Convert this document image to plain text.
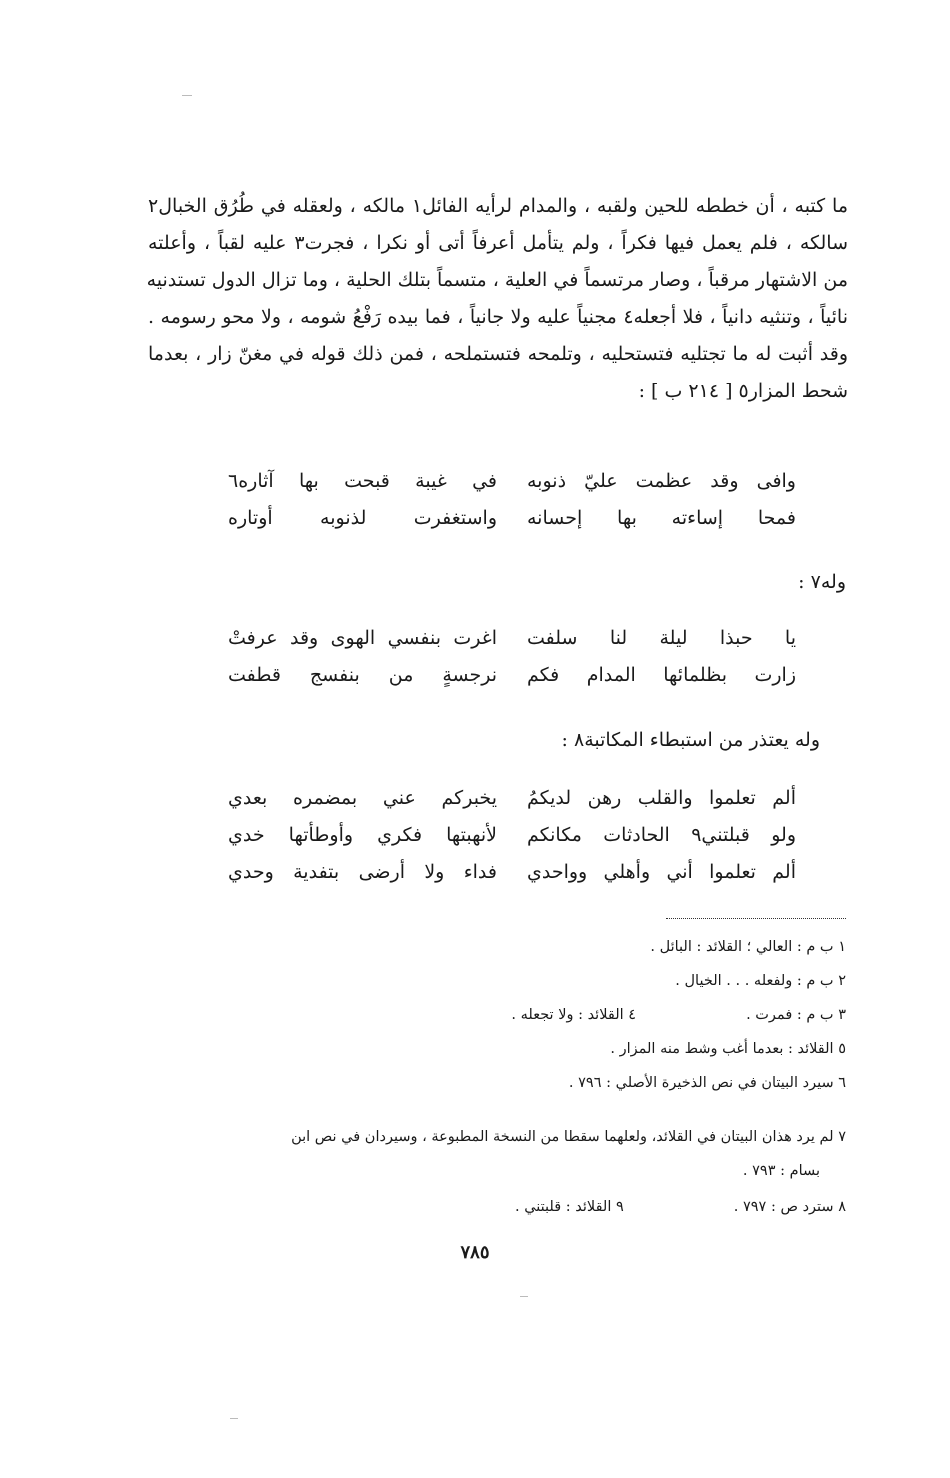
ما كتبه ، أن خططه للحين ولقبه ، والمدام لرأيه الفائل١ مالكه ، ولعقله في طُرُق الخبال٢
سالكه ، فلم يعمل فيها فكراً ، ولم يتأمل أعرفاً أتى أو نكرا ، فجرت٣ عليه لقباً ، وأعلته
من الاشتهار مرقباً ، وصار مرتسماً في العلية ، متسماً بتلك الحلية ، وما تزال الدول تستدنيه
نائياً ، وتنثيه دانياً ، فلا أجعله٤ مجنياً عليه ولا جانياً ، فما بيده رَفْعُ شومه ، ولا محو رسومه .
وقد أثبت له ما تجتليه فتستحليه ، وتلمحه فتستملحه ، فمن ذلك قوله في مغنّ زار ، بعدما
شحط المزار٥ [ ٢١٤ ب ] :
وافى وقد عظمت عليّ ذنوبه
في غيبة قبحت بها آثاره٦
فمحا إساءته بها إحسانه
واستغفرت لذنوبه أوتاره
وله٧ :
يا حبذا ليلة لنا سلفت
اغرت بنفسي الهوى وقد عرفتْ
زارت بظلمائها المدام فكم
نرجسةٍ من بنفسج قطفت
وله يعتذر من استبطاء المكاتبة٨ :
ألم تعلموا والقلب رهن لديكمُ
يخبركم عني بمضمره بعدي
ولو قبلتني٩ الحادثات مكانكم
لأنهبتها فكري وأوطأتها خدي
ألم تعلموا أني وأهلي وواحدي
فداء ولا أرضى بتفدية وحدي
١ ب م : العالي ؛ القلائد : البائل .
٢ ب م : ولفعله . . . الخيال .
٣ ب م : فمرت .٤ القلائد : ولا تجعله .
٥ القلائد : بعدما أغب وشط منه المزار .
٦ سيرد البيتان في نص الذخيرة الأصلي : ٧٩٦ .
٧ لم يرد هذان البيتان في القلائد، ولعلهما سقطا من النسخة المطبوعة ، وسيردان في نص ابن
بسام : ٧٩٣ .
٨ سترد ص : ٧٩٧ .٩ القلائد : قلبتني .
٧٨٥
